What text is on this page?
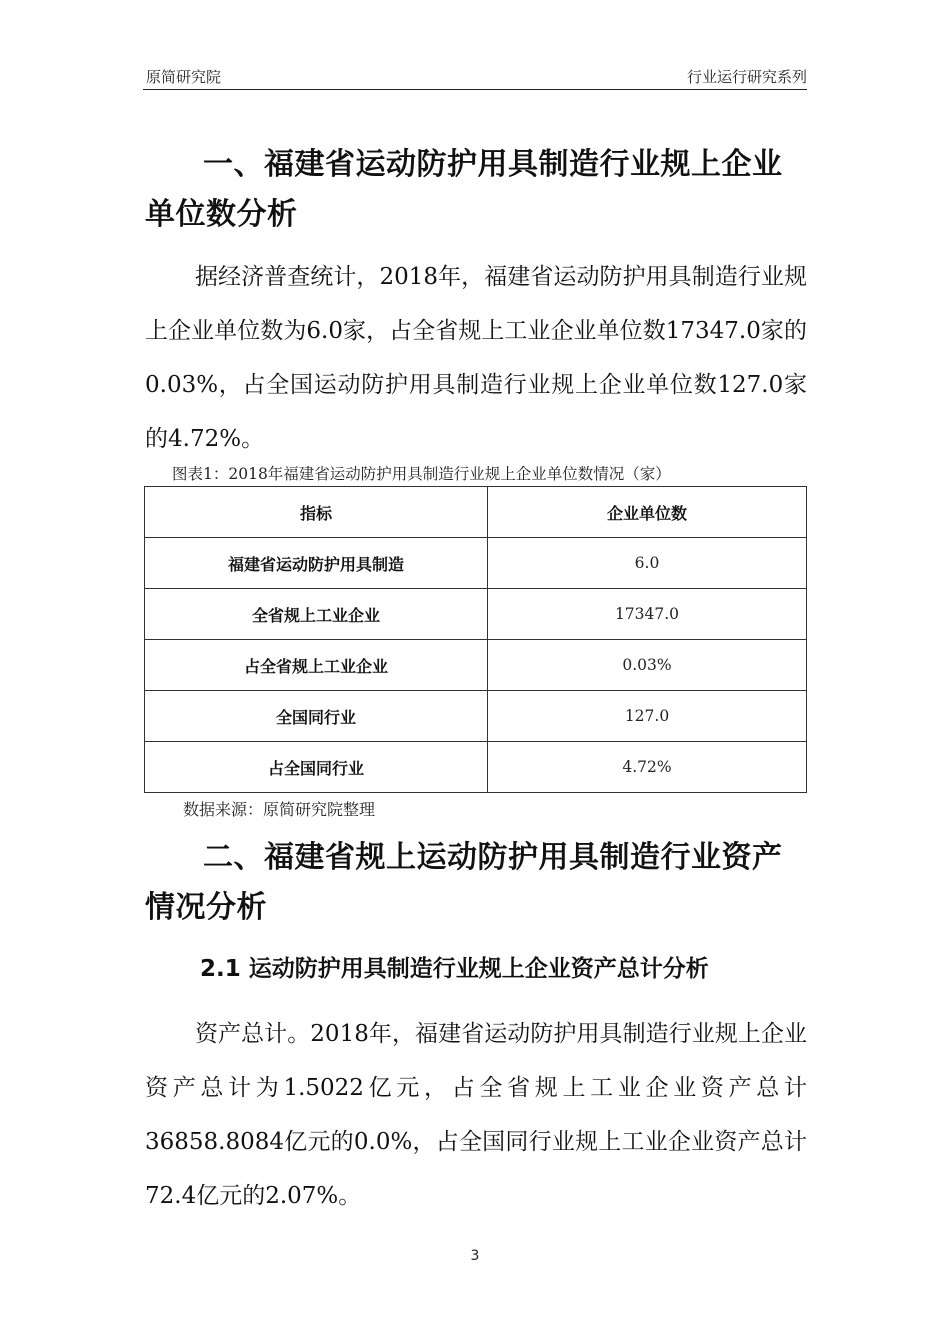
原简研究院	行业运行研究系列
一、福建省运动防护用具制造行业规上企业单位数分析

据经济普查统计，2018年，福建省运动防护用具制造行业规上企业单位数为6.0家，占全省规上工业企业单位数17347.0家的0.03%，占全国运动防护用具制造行业规上企业单位数127.0家的4.72%。

图表1：2018年福建省运动防护用具制造行业规上企业单位数情况（家）
指标	企业单位数
福建省运动防护用具制造	6.0
全省规上工业企业	17347.0
占全省规上工业企业	0.03%
全国同行业	127.0
占全国同行业	4.72%
数据来源：原简研究院整理
二、福建省规上运动防护用具制造行业资产情况分析
2.1 运动防护用具制造行业规上企业资产总计分析

资产总计。2018年，福建省运动防护用具制造行业规上企业资产总计为1.5022亿元，占全省规上工业企业资产总计36858.8084亿元的0.0%，占全国同行业规上工业企业资产总计72.4亿元的2.07%。

3
